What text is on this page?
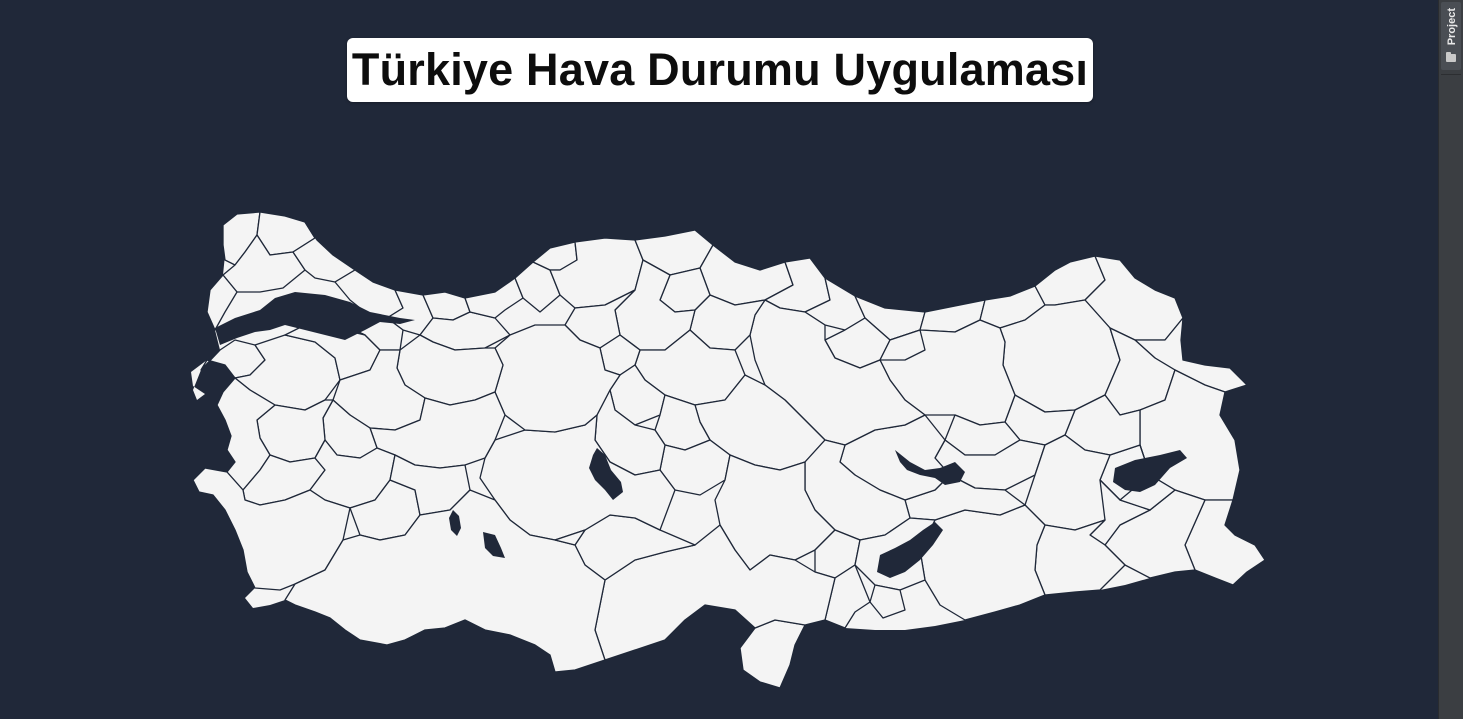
Türkiye Hava Durumu Uygulaması
Project
